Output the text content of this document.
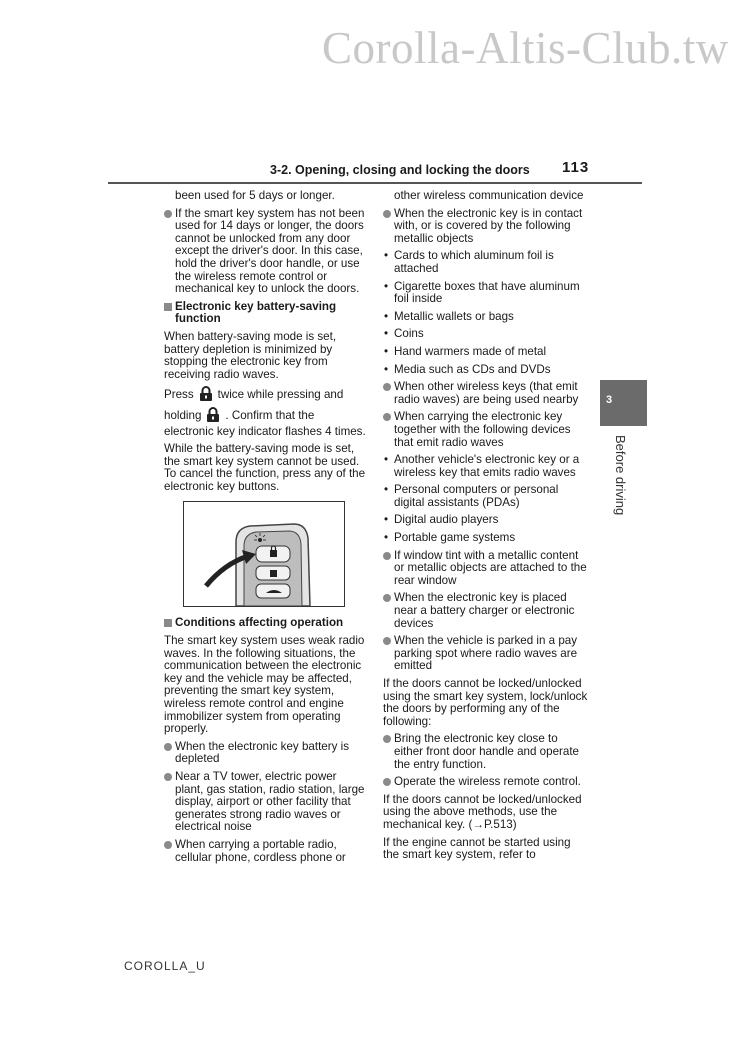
Corolla-Altis-Club.tw
3-2. Opening, closing and locking the doors 113
3
Before driving

been used for 5 days or longer.

If the smart key system has not been used for 14 days or longer, the doors cannot be unlocked from any door except the driver's door. In this case, hold the driver's door handle, or use the wireless remote control or mechanical key to unlock the doors.

Electronic key battery-saving function

When battery-saving mode is set, battery depletion is minimized by stopping the electronic key from receiving radio waves.

Press twice while pressing and

holding . Confirm that the electronic key indicator flashes 4 times.

While the battery-saving mode is set, the smart key system cannot be used. To cancel the function, press any of the electronic key buttons.

Conditions affecting operation

The smart key system uses weak radio waves. In the following situations, the communication between the electronic key and the vehicle may be affected, preventing the smart key system, wireless remote control and engine immobilizer system from operating properly.

When the electronic key battery is depleted

Near a TV tower, electric power plant, gas station, radio station, large display, airport or other facility that generates strong radio waves or electrical noise

When carrying a portable radio, cellular phone, cordless phone or

other wireless communication device

When the electronic key is in contact with, or is covered by the following metallic objects

• Cards to which aluminum foil is attached

• Cigarette boxes that have aluminum foil inside

• Metallic wallets or bags

• Coins

• Hand warmers made of metal

• Media such as CDs and DVDs

When other wireless keys (that emit radio waves) are being used nearby

When carrying the electronic key together with the following devices that emit radio waves

• Another vehicle's electronic key or a wireless key that emits radio waves

• Personal computers or personal digital assistants (PDAs)

• Digital audio players

• Portable game systems

If window tint with a metallic content or metallic objects are attached to the rear window

When the electronic key is placed near a battery charger or electronic devices

When the vehicle is parked in a pay parking spot where radio waves are emitted

If the doors cannot be locked/unlocked using the smart key system, lock/unlock the doors by performing any of the following:

Bring the electronic key close to either front door handle and operate the entry function.

Operate the wireless remote control.

If the doors cannot be locked/unlocked using the above methods, use the mechanical key. (→P.513)

If the engine cannot be started using the smart key system, refer to

COROLLA_U
